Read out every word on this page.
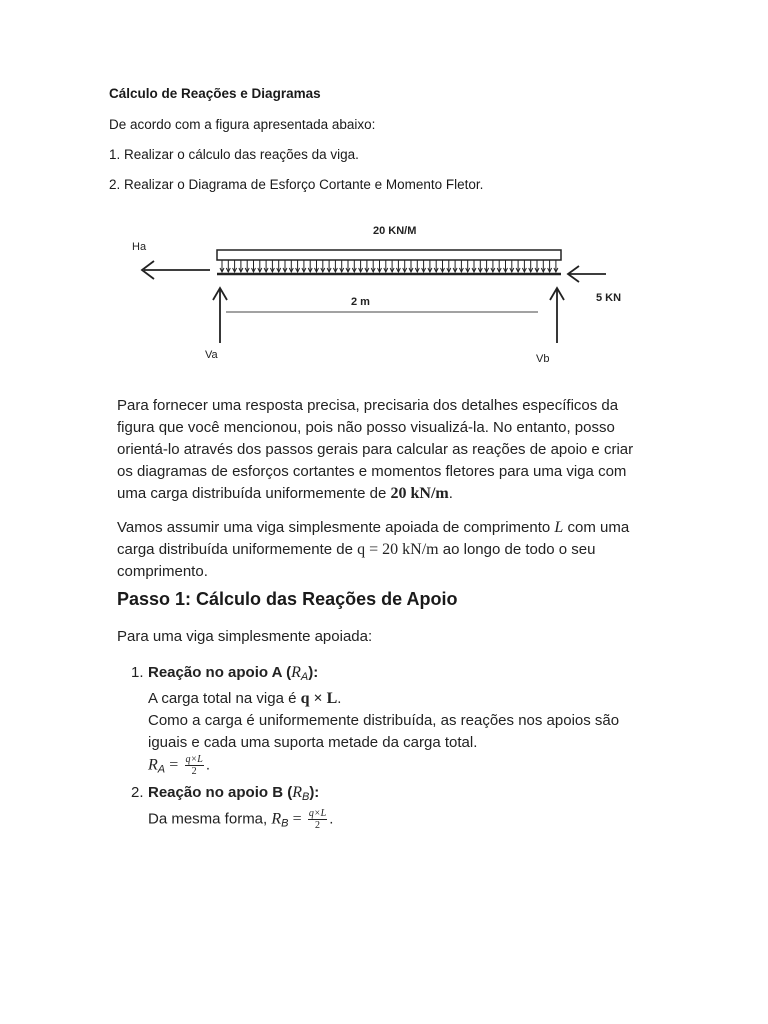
Cálculo de Reações e Diagramas

De acordo com a figura apresentada abaixo:

1. Realizar o cálculo das reações da viga.

2. Realizar o Diagrama de Esforço Cortante e Momento Fletor.

20 KN/M
Ha
5 KN
Va	Vb
2 m

Para fornecer uma resposta precisa, precisaria dos detalhes específicos da figura que você mencionou, pois não posso visualizá-la. No entanto, posso orientá-lo através dos passos gerais para calcular as reações de apoio e criar os diagramas de esforços cortantes e momentos fletores para uma viga com uma carga distribuída uniformemente de 20 kN/m.

Vamos assumir uma viga simplesmente apoiada de comprimento L com uma carga distribuída uniformemente de q = 20 kN/m ao longo de todo o seu comprimento.

Passo 1: Cálculo das Reações de Apoio
Para uma viga simplesmente apoiada:
1. Reação no apoio A $(R_A)$:
A carga total na viga é q × L.
Como a carga é uniformemente distribuída, as reações nos apoios são iguais e cada uma suporta metade da carga total.
$R_A = \frac{q\times L}{2}$ .
2. Reação no apoio B $(R_B)$:
Da mesma forma, $R_B = \frac{q\times L}{2}$ .
